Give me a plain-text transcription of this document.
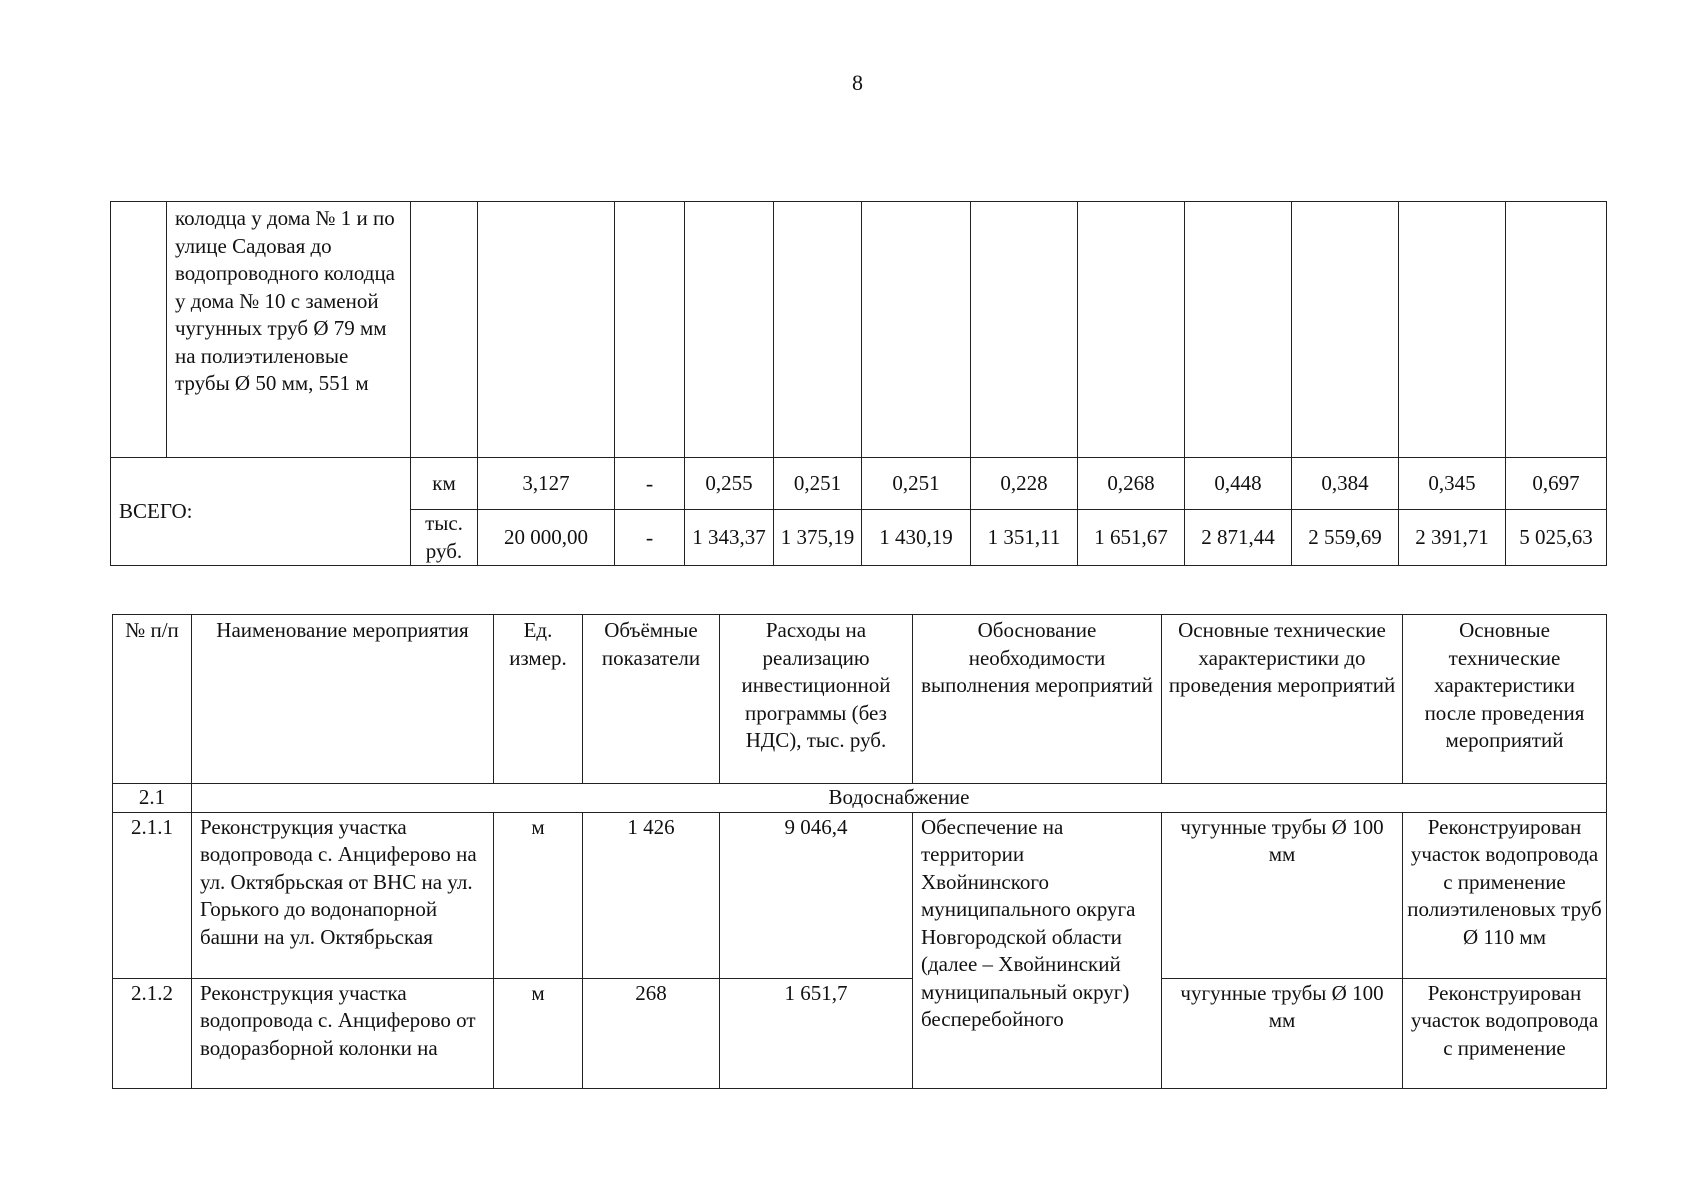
8
	колодца у дома № 1 и по улице Садовая до водопроводного колодца у дома № 10 с заменой чугунных труб Ø 79 мм на полиэтиленовые трубы Ø 50 мм, 551 м												
ВСЕГО:		км	3,127	-	0,255	0,251	0,251	0,228	0,268	0,448	0,384	0,345	0,697
		тыс. руб.	20 000,00	-	1 343,37	1 375,19	1 430,19	1 351,11	1 651,67	2 871,44	2 559,69	2 391,71	5 025,63
№ п/п	Наименование мероприятия	Ед. измер.	Объёмные показатели	Расходы на реализацию инвестиционной программы (без НДС), тыс. руб.	Обоснование необходимости выполнения мероприятий	Основные технические характеристики до проведения мероприятий	Основные технические характеристики после проведения мероприятий
2.1	Водоснабжение						
2.1.1	Реконструкция участка водопровода с. Анциферово на ул. Октябрьская от ВНС на ул. Горького до водонапорной башни на ул. Октябрьская	м	1 426	9 046,4	Обеспечение на территории Хвойнинского муниципального округа Новгородской области (далее – Хвойнинский муниципальный округ) бесперебойного	чугунные трубы Ø 100 мм	Реконструирован участок водопровода с применение полиэтиленовых труб Ø 110 мм
2.1.2	Реконструкция участка водопровода с. Анциферово от водоразборной колонки на	м	268	1 651,7		чугунные трубы Ø 100 мм	Реконструирован участок водопровода с применение
